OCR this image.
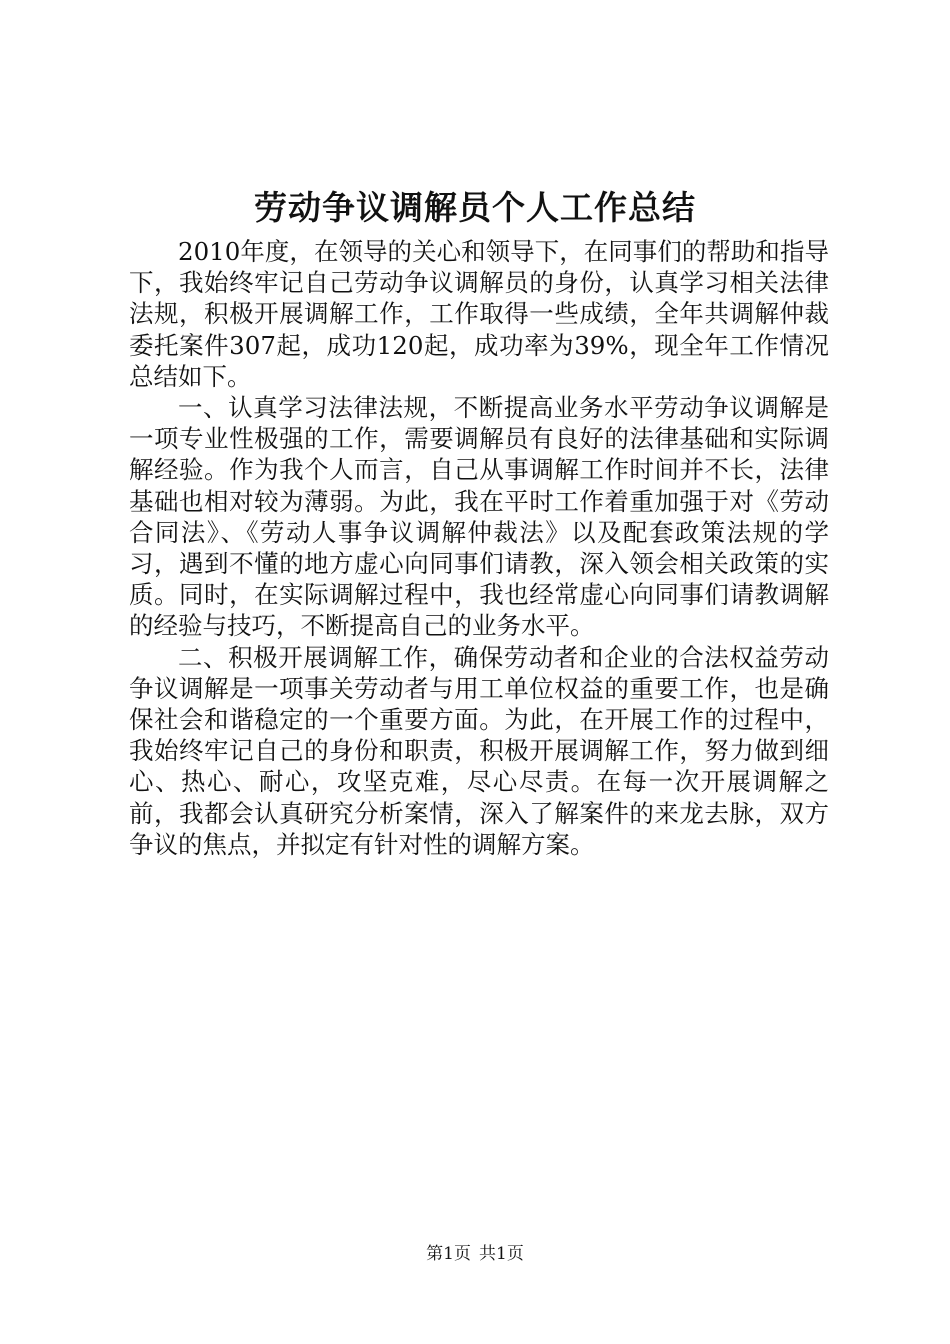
劳动争议调解员个人工作总结

2010年度，在领导的关心和领导下，在同事们的帮助和指导下，我始终牢记自己劳动争议调解员的身份，认真学习相关法律法规，积极开展调解工作，工作取得一些成绩，全年共调解仲裁委托案件307起，成功120起，成功率为39%，现全年工作情况总结如下。

一、认真学习法律法规，不断提高业务水平劳动争议调解是一项专业性极强的工作，需要调解员有良好的法律基础和实际调解经验。作为我个人而言，自己从事调解工作时间并不长，法律基础也相对较为薄弱。为此，我在平时工作着重加强于对《劳动合同法》、《劳动人事争议调解仲裁法》以及配套政策法规的学习，遇到不懂的地方虚心向同事们请教，深入领会相关政策的实质。同时，在实际调解过程中，我也经常虚心向同事们请教调解的经验与技巧，不断提高自己的业务水平。

二、积极开展调解工作，确保劳动者和企业的合法权益劳动争议调解是一项事关劳动者与用工单位权益的重要工作，也是确保社会和谐稳定的一个重要方面。为此，在开展工作的过程中，我始终牢记自己的身份和职责，积极开展调解工作，努力做到细心、热心、耐心，攻坚克难，尽心尽责。在每一次开展调解之前，我都会认真研究分析案情，深入了解案件的来龙去脉，双方争议的焦点，并拟定有针对性的调解方案。

第1页 共1页
